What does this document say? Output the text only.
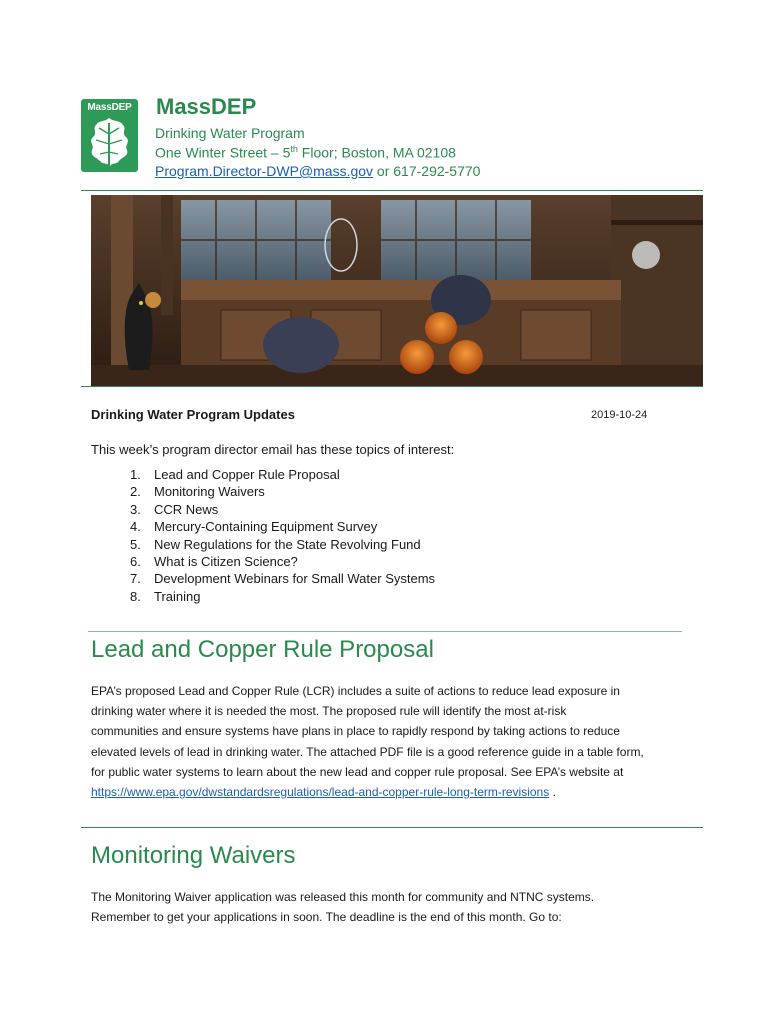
MassDEP MassDEP
Drinking Water Program
One Winter Street – 5th Floor; Boston, MA 02108
Program.Director-DWP@mass.gov or 617-292-5770
Drinking Water Program Updates	2019-10-24
This week’s program director email has these topics of interest:
1. Lead and Copper Rule Proposal
2. Monitoring Waivers
3. CCR News
4. Mercury-Containing Equipment Survey
5. New Regulations for the State Revolving Fund
6. What is Citizen Science?
7. Development Webinars for Small Water Systems
8. Training
Lead and Copper Rule Proposal
EPA’s proposed Lead and Copper Rule (LCR) includes a suite of actions to reduce lead exposure in
drinking water where it is needed the most. The proposed rule will identify the most at-risk
communities and ensure systems have plans in place to rapidly respond by taking actions to reduce
elevated levels of lead in drinking water. The attached PDF file is a good reference guide in a table form,
for public water systems to learn about the new lead and copper rule proposal. See EPA’s website at
https://www.epa.gov/dwstandardsregulations/lead-and-copper-rule-long-term-revisions .
Monitoring Waivers
The Monitoring Waiver application was released this month for community and NTNC systems.
Remember to get your applications in soon. The deadline is the end of this month. Go to:
